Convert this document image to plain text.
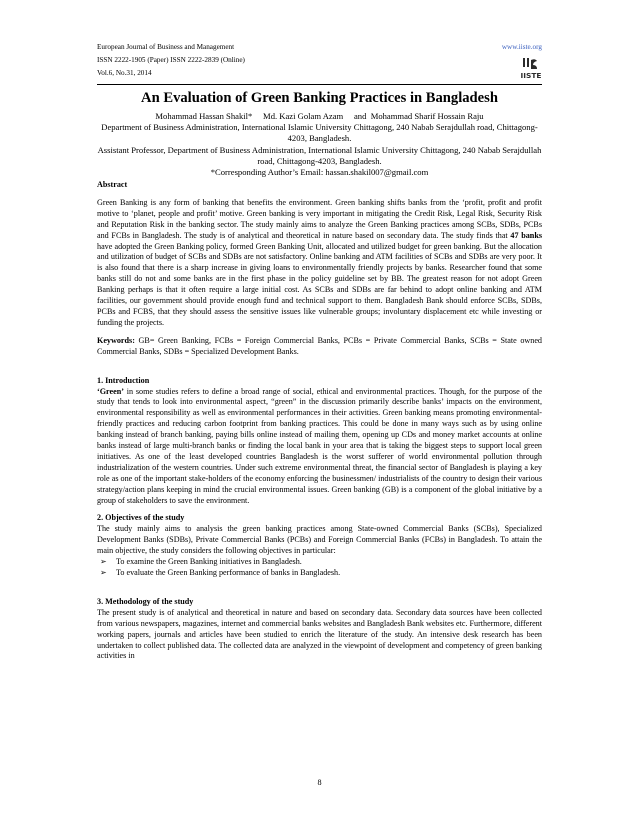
European Journal of Business and Management	www.iiste.org
ISSN 2222-1905 (Paper) ISSN 2222-2839 (Online)
Vol.6, No.31, 2014	IISTE
An Evaluation of Green Banking Practices in Bangladesh
Mohammad Hassan Shakil*     Md. Kazi Golam Azam     and  Mohammad Sharif Hossain Raju
Department of Business Administration, International Islamic University Chittagong, 240 Nabab Serajdullah road, Chittagong-4203, Bangladesh.
Assistant Professor, Department of Business Administration, International Islamic University Chittagong, 240 Nabab Serajdullah road, Chittagong-4203, Bangladesh.
*Corresponding Author’s Email: hassan.shakil007@gmail.com

Abstract

Green Banking is any form of banking that benefits the environment. Green banking shifts banks from the ‘profit, profit and profit motive to ‘planet, people and profit’ motive. Green banking is very important in mitigating the Credit Risk, Legal Risk, Security Risk and Reputation Risk in the banking sector. The study mainly aims to analyze the Green Banking practices among SCBs, SDBs, PCBs and FCBs in Bangladesh. The study is of analytical and theoretical in nature based on secondary data. The study finds that 47 banks have adopted the Green Banking policy, formed Green Banking Unit, allocated and utilized budget for green banking. But the allocation and utilization of budget of SCBs and SDBs are not satisfactory. Online banking and ATM facilities of SCBs and SDBs are very poor. It is also found that there is a sharp increase in giving loans to environmentally friendly projects by banks. Researcher found that some banks still do not and some banks are in the first phase in the policy guideline set by BB. The greatest reason for not adopt Green Banking perhaps is that it often require a large initial cost. As SCBs and SDBs are far behind to adopt online banking and ATM facilities, our government should provide enough fund and technical support to them. Bangladesh Bank should enforce SCBs, SDBs, PCBs and FCBS, that they should assess the sensitive issues like vulnerable groups; involuntary displacement etc while investing or funding the projects.

Keywords: GB= Green Banking, FCBs = Foreign Commercial Banks, PCBs = Private Commercial Banks, SCBs = State owned Commercial Banks, SDBs = Specialized Development Banks.

1. Introduction

‘Green’ in some studies refers to define a broad range of social, ethical and environmental practices. Though, for the purpose of the study that tends to look into environmental aspect, “green” in the discussion primarily describe banks’ impacts on the environment, environmental responsibility as well as environmental performances in their activities. Green banking means promoting environmental-friendly practices and reducing carbon footprint from banking practices. This could be done in many ways such as by using online banking instead of branch banking, paying bills online instead of mailing them, opening up CDs and money market accounts at online banks instead of large multi-branch banks or finding the local bank in your area that is taking the biggest steps to support local green initiatives. As one of the least developed countries Bangladesh is the worst sufferer of world environmental pollution through industrialization of the western countries. Under such extreme environmental threat, the financial sector of Bangladesh is playing a key role as one of the important stake-holders of the economy enforcing the businessmen/ industrialists of the country to design their various strategy/action plans keeping in mind the crucial environmental issues. Green banking (GB) is a component of the global initiative by a group of stakeholders to save the environment.

2. Objectives of the study

The study mainly aims to analysis the green banking practices among State-owned Commercial Banks (SCBs), Specialized Development Banks (SDBs), Private Commercial Banks (PCBs) and Foreign Commercial Banks (FCBs) in Bangladesh. To attain the main objective, the study considers the following objectives in particular:

➢	To examine the Green Banking initiatives in Bangladesh.
➢	To evaluate the Green Banking performance of banks in Bangladesh.

3. Methodology of the study

The present study is of analytical and theoretical in nature and based on secondary data. Secondary data sources have been collected from various newspapers, magazines, internet and commercial banks websites and Bangladesh Bank websites etc. Furthermore, different working papers, journals and articles have been studied to enrich the literature of the study. An intensive desk research has been undertaken to collect published data. The collected data are analyzed in the viewpoint of development and competency of green banking activities in

8
